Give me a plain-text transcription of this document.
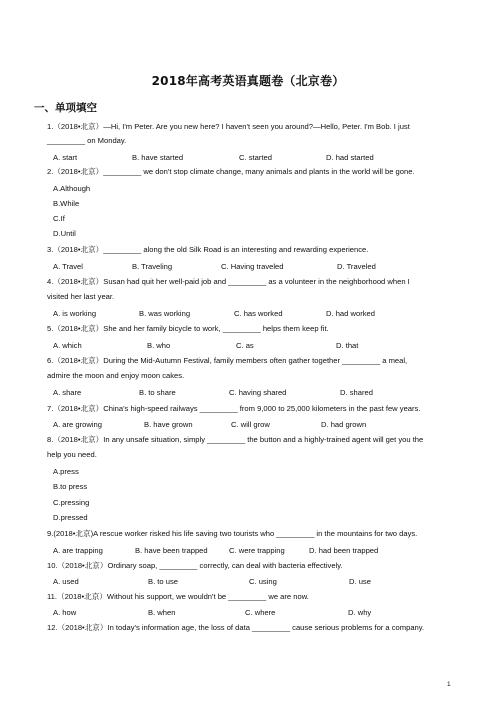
2018年高考英语真题卷（北京卷）
一、单项填空
1.（2018•北京）—Hi, I'm Peter. Are you new here? I haven't seen you around?—Hello, Peter. I'm Bob. I just
_________ on Monday.
A. start	B. have started	C. started	D. had started
2.（2018•北京）_________ we don't stop climate change, many animals and plants in the world will be gone.
A.Although
B.While
C.If
D.Until
3.（2018•北京）_________ along the old Silk Road is an interesting and rewarding experience.
A. Travel	B. Traveling	C. Having traveled	D. Traveled
4.（2018•北京）Susan had quit her well-paid job and _________ as a volunteer in the neighborhood when I
visited her last year.
A. is working	B. was working	C. has worked	D. had worked
5.（2018•北京）She and her family bicycle to work, _________ helps them keep fit.
A. which	B. who	C. as	D. that
6.（2018•北京）During the Mid-Autumn Festival, family members often gather together _________ a meal,
admire the moon and enjoy moon cakes.
A. share	B. to share	C. having shared	D. shared
7.（2018•北京）China's high-speed railways _________ from 9,000 to 25,000 kilometers in the past few years.
A. are growing	B. have grown	C. will grow	D. had grown
8.（2018•北京）In any unsafe situation, simply _________ the button and a highly-trained agent will get you the
help you need.
A.press
B.to press
C.pressing
D.pressed
9.(2018•北京)A rescue worker risked his life saving two tourists who _________ in the mountains for two days.
A. are trapping	B. have been trapped	C. were trapping	D. had been trapped
10.（2018•北京）Ordinary soap, _________ correctly, can deal with bacteria effectively.
A. used	B. to use	C. using	D. use
11.（2018•北京）Without his support, we wouldn't be _________ we are now.
A. how	B. when	C. where	D. why
12.（2018•北京）In today's information age, the loss of data _________ cause serious problems for a company.
1
